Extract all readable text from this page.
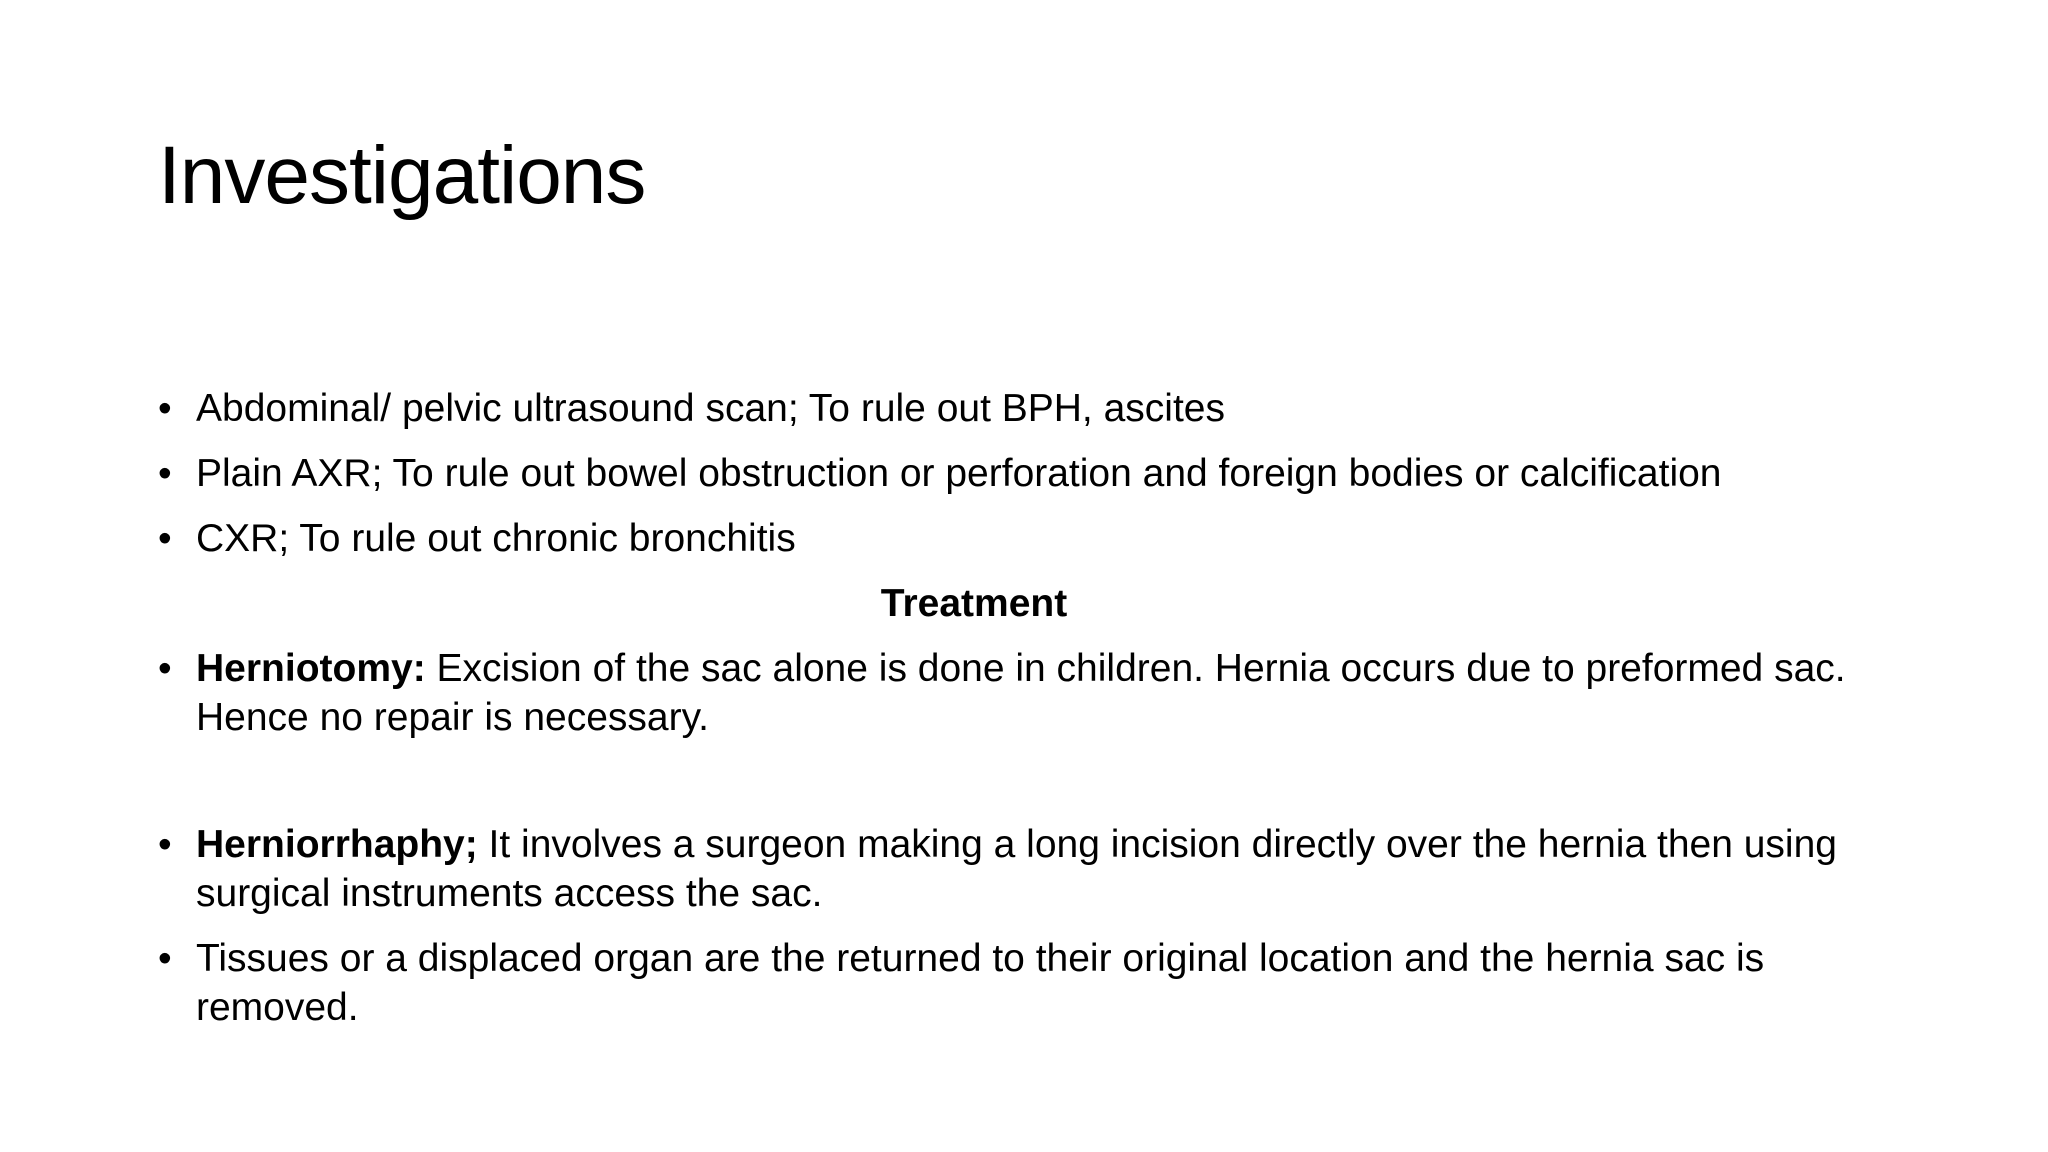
Investigations
• Abdominal/ pelvic ultrasound scan; To rule out BPH, ascites
• Plain AXR; To rule out bowel obstruction or perforation and foreign bodies or calcification
• CXR; To rule out chronic bronchitis
Treatment
• Herniotomy: Excision of the sac alone is done in children. Hernia occurs due to preformed sac. Hence no repair is necessary.
• Herniorrhaphy; It involves a surgeon making a long incision directly over the hernia then using surgical instruments access the sac.
• Tissues or a displaced organ are the returned to their original location and the hernia sac is removed.
